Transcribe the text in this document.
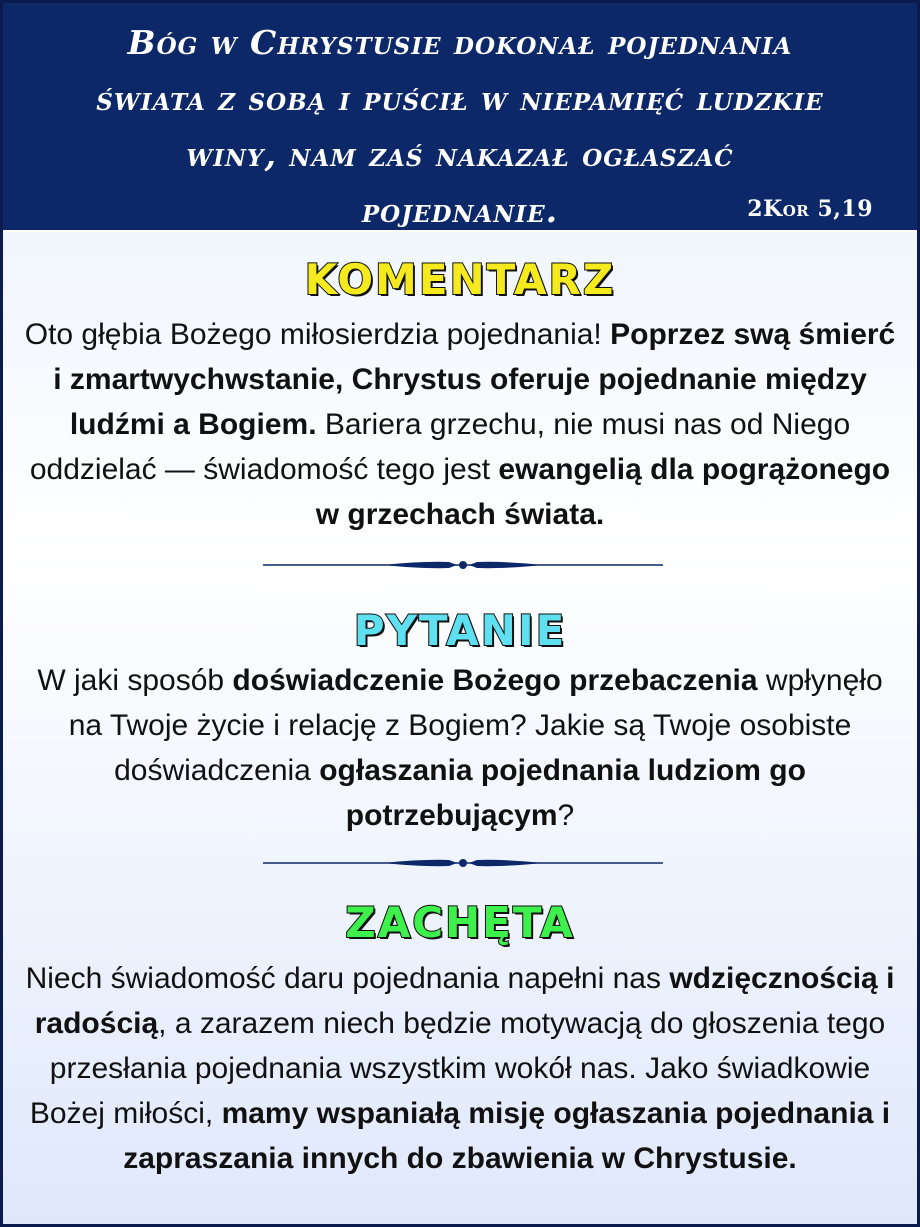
Bóg w Chrystusie dokonał pojednania
świata z sobą i puścił w niepamięć ludzkie
winy, nam zaś nakazał ogłaszać
pojednanie.	2Kor 5,19
KOMENTARZ
Oto głębia Bożego miłosierdzia pojednania! Poprzez swą śmierć i zmartwychwstanie, Chrystus oferuje pojednanie między ludźmi a Bogiem. Bariera grzechu, nie musi nas od Niego oddzielać — świadomość tego jest ewangelią dla pogrążonego w grzechach świata.
PYTANIE
W jaki sposób doświadczenie Bożego przebaczenia wpłynęło na Twoje życie i relację z Bogiem? Jakie są Twoje osobiste doświadczenia ogłaszania pojednania ludziom go potrzebującym?
ZACHĘTA
Niech świadomość daru pojednania napełni nas wdzięcznością i radością, a zarazem niech będzie motywacją do głoszenia tego przesłania pojednania wszystkim wokół nas. Jako świadkowie Bożej miłości, mamy wspaniałą misję ogłaszania pojednania i zapraszania innych do zbawienia w Chrystusie.
